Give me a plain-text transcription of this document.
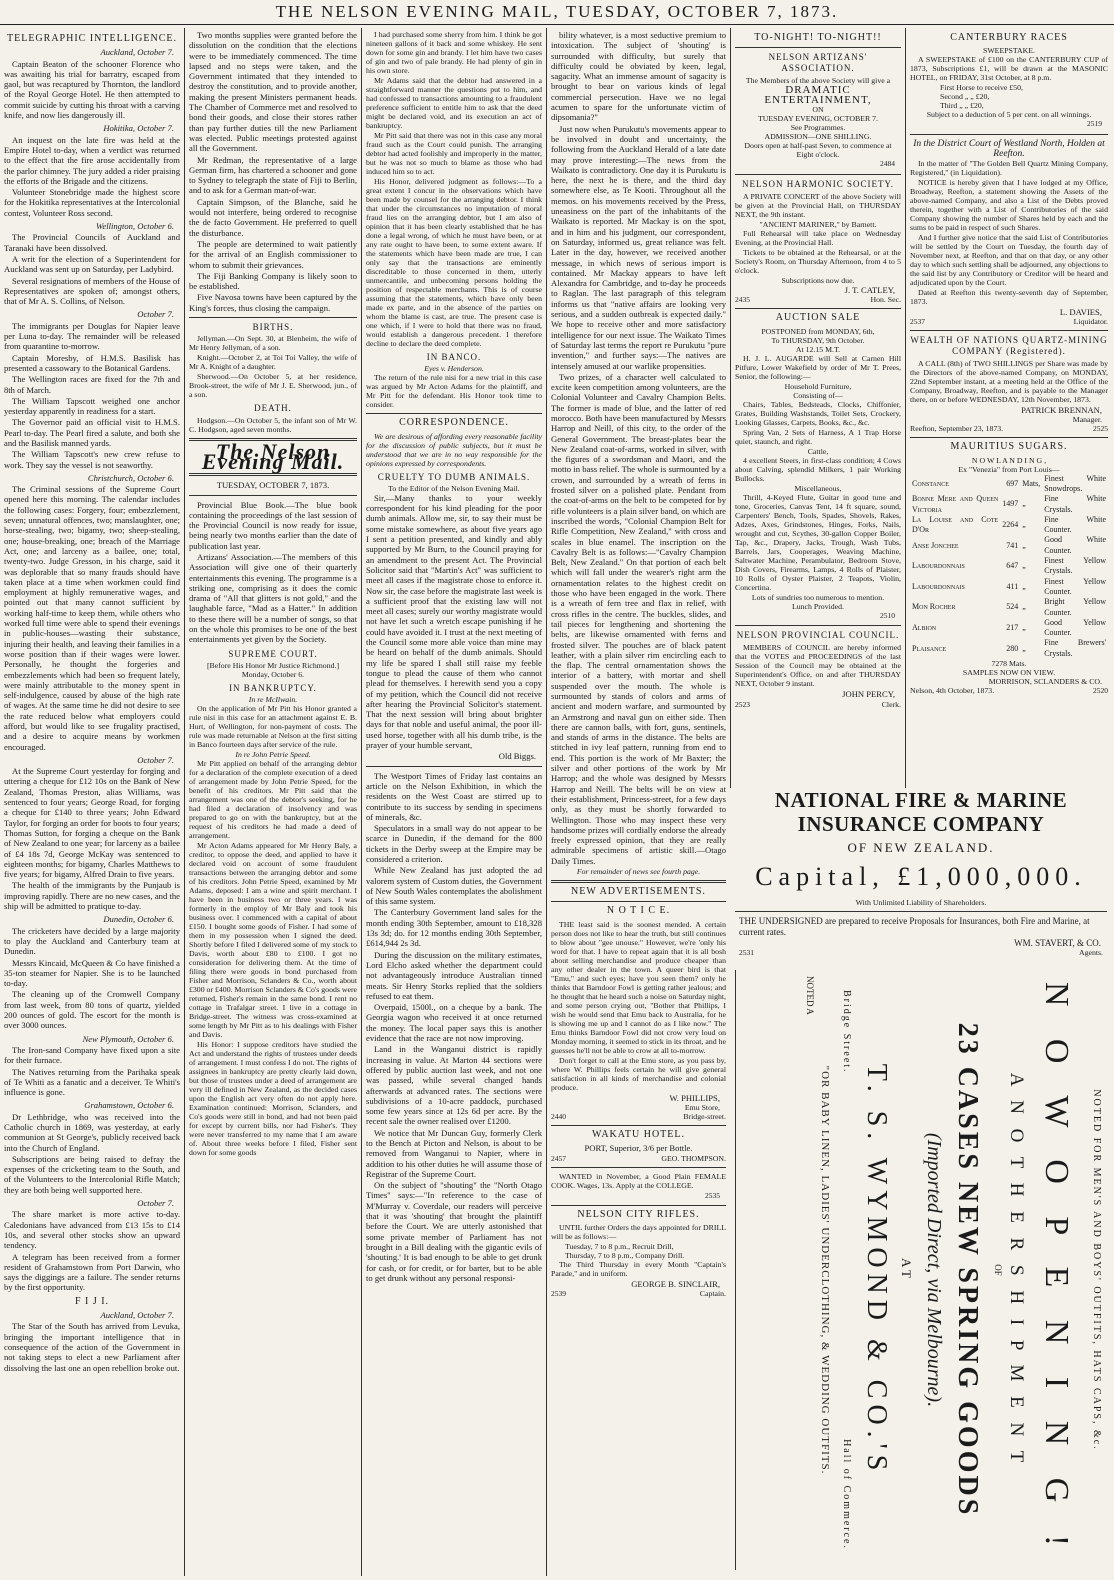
THE NELSON EVENING MAIL, TUESDAY, OCTOBER 7, 1873.
TELEGRAPHIC INTELLIGENCE.
Auckland, October 7.

Captain Beaton of the schooner Florence who was awaiting his trial for barratry, escaped from gaol, but was recaptured by Thornton, the landlord of the Royal George Hotel. He then attempted to commit suicide by cutting his throat with a carving knife, and now lies dangerously ill.

Hokitika, October 7.

An inquest on the late fire was held at the Empire Hotel to-day, when a verdict was returned to the effect that the fire arose accidentally from the parlor chimney. The jury added a rider praising the efforts of the Brigade and the citizens.

Volunteer Stonebridge made the highest score for the Hokitika representatives at the Intercolonial contest, Volunteer Ross second.

Wellington, October 6.

The Provincial Councils of Auckland and Taranaki have been dissolved.

A writ for the election of a Superintendent for Auckland was sent up on Saturday, per Ladybird.

Several resignations of members of the House of Representatives are spoken of; amongst others, that of Mr A. S. Collins, of Nelson.

October 7.

The immigrants per Douglas for Napier leave per Luna to-day. The remainder will be released from quarantine to-morrow.

Captain Moresby, of H.M.S. Basilisk has presented a cassowary to the Botanical Gardens.

The Wellington races are fixed for the 7th and 8th of March.

The William Tapscott weighed one anchor yesterday apparently in readiness for a start.

The Governor paid an official visit to H.M.S. Pearl to-day. The Pearl fired a salute, and both she and the Basilisk manned yards.

The William Tapscott's new crew refuse to work. They say the vessel is not seaworthy.

Christchurch, October 6.

The Criminal sessions of the Supreme Court opened here this morning. The calendar includes the following cases: Forgery, four; embezzlement, seven; unnatural offences, two; manslaughter, one; horse-stealing, two; bigamy, two; sheep-stealing, one; house-breaking, one; breach of the Marriage Act, one; and larceny as a bailee, one; total, twenty-two. Judge Gresson, in his charge, said it was deplorable that so many frauds should have taken place at a time when workmen could find employment at highly remunerative wages, and pointed out that many cannot sufficient by working half-time to keep them, while others who worked full time were able to spend their evenings in public-houses—wasting their substance, injuring their health, and leaving their families in a worse position than if their wages were lower. Personally, he thought the forgeries and embezzlements which had been so frequent lately, were mainly attributable to the money spent in self-indulgence, caused by abuse of the high rate of wages. At the same time he did not desire to see the rate reduced below what employers could afford, but would like to see frugality practised, and a desire to acquire means by workmen encouraged.

October 7.

At the Supreme Court yesterday for forging and uttering a cheque for £12 10s on the Bank of New Zealand, Thomas Preston, alias Williams, was sentenced to four years; George Road, for forging a cheque for £140 to three years; John Edward Taylor, for forging an order for boots to four years; Thomas Sutton, for forging a cheque on the Bank of New Zealand to one year; for larceny as a bailee of £4 18s 7d, George McKay was sentenced to eighteen months; for bigamy, Charles Matthews to five years; for bigamy, Alfred Drain to five years.

The health of the immigrants by the Punjaub is improving rapidly. There are no new cases, and the ship will be admitted to pratique to-day.

Dunedin, October 6.

The cricketers have decided by a large majority to play the Auckland and Canterbury team at Dunedin.

Messrs Kincaid, McQueen & Co have finished a 35-ton steamer for Napier. She is to be launched to-day.

The cleaning up of the Cromwell Company from last week, from 80 tons of quartz, yielded 200 ounces of gold. The escort for the month is over 3000 ounces.

New Plymouth, October 6.

The Iron-sand Company have fixed upon a site for their furnace.

The Natives returning from the Parihaka speak of Te Whiti as a fanatic and a deceiver. Te Whiti's influence is gone.

Grahamstown, October 6.

Dr Lethbridge, who was received into the Catholic church in 1869, was yesterday, at early communion at St George's, publicly received back into the Church of England.

Subscriptions are being raised to defray the expenses of the cricketing team to the South, and of the Volunteers to the Intercolonial Rifle Match; they are both being well supported here.

October 7.

The share market is more active to-day. Caledonians have advanced from £13 15s to £14 10s, and several other stocks show an upward tendency.

A telegram has been received from a former resident of Grahamstown from Port Darwin, who says the diggings are a failure. The sender returns by the first opportunity.

F I J I.
Auckland, October 7.

The Star of the South has arrived from Levuka, bringing the important intelligence that in consequence of the action of the Government in not taking steps to elect a new Parliament after dissolving the last one an open rebellion broke out.

Two months supplies were granted before the dissolution on the condition that the elections were to be immediately commenced. The time lapsed and no steps were taken, and the Government intimated that they intended to destroy the constitution, and to provide another, making the present Ministers permanent heads. The Chamber of Commerce met and resolved to bond their goods, and close their stores rather than pay further duties till the new Parliament was elected. Public meetings protested against all the Government.

Mr Redman, the representative of a large German firm, has chartered a schooner and gone to Sydney to telegraph the state of Fiji to Berlin, and to ask for a German man-of-war.

Captain Simpson, of the Blanche, said he would not interfere, being ordered to recognise the de facto Government. He preferred to quell the disturbance.

The people are determined to wait patiently for the arrival of an English commissioner to whom to submit their grievances.

The Fiji Banking Company is likely soon to be established.

Five Navosa towns have been captured by the King's forces, thus closing the campaign.

BIRTHS.

Jellyman.—On Sept. 30, at Blenheim, the wife of Mr Henry Jellyman, of a son.

Knight.—October 2, at Toi Toi Valley, the wife of Mr A. Knight of a daughter.

Sherwood.—On October 5, at her residence, Brook-street, the wife of Mr J. E. Sherwood, jun., of a son.

DEATH.

Hodgson.—On October 5, the infant son of Mr W. C. Hodgson, aged seven months.

The Nelson Evening Mail.
TUESDAY, OCTOBER 7, 1873.

Provincial Blue Book.—The blue book containing the proceedings of the last session of the Provincial Council is now ready for issue, being nearly two months earlier than the date of publication last year.

Artizans' Association.—The members of this Association will give one of their quarterly entertainments this evening. The programme is a striking one, comprising as it does the comic drama of "All that glitters is not gold," and the laughable farce, "Mad as a Hatter." In addition to these there will be a number of songs, so that on the whole this promises to be one of the best entertainments yet given by the Society.

SUPREME COURT.
[Before His Honor Mr Justice Richmond.]
Monday, October 6.
IN BANKRUPTCY.
In re McIlwain.

On the application of Mr Pitt his Honor granted a rule nisi in this case for an attachment against E. B. Hurt, of Wellington, for non-payment of costs. The rule was made returnable at Nelson at the first sitting in Banco fourteen days after service of the rule.

In re John Petrie Speed.

Mr Pitt applied on behalf of the arranging debtor for a declaration of the complete execution of a deed of arrangement made by John Petrie Speed, for the benefit of his creditors. Mr Pitt said that the arrangement was one of the debtor's seeking, for he had filed a declaration of insolvency and was prepared to go on with the bankruptcy, but at the request of his creditors he had made a deed of arrangement.

Mr Acton Adams appeared for Mr Henry Baly, a creditor, to oppose the deed, and applied to have it declared void on account of some fraudulent transactions between the arranging debtor and some of his creditors. John Petrie Speed, examined by Mr Adams, deposed: I am a wine and spirit merchant. I have been in business two or three years. I was formerly in the employ of Mr Baly and took his business over. I commenced with a capital of about £150. I bought some goods of Fisher. I had some of them in my possession when I signed the deed. Shortly before I filed I delivered some of my stock to Davis, worth about £80 to £100. I got no consideration for delivering them. At the time of filing there were goods in bond purchased from Fisher and Morrison, Sclanders & Co., worth about £300 or £400. Morrison Sclanders & Co's goods were returned, Fisher's remain in the same bond. I rent no cottage in Trafalgar street. I live in a cottage in Bridge-street. The witness was cross-examined at some length by Mr Pitt as to his dealings with Fisher and Davis.

His Honor: I suppose creditors have studied the Act and understand the rights of trustees under deeds of arrangement. I must confess I do not. The rights of assignees in bankruptcy are pretty clearly laid down, but those of trustees under a deed of arrangement are very ill defined in New Zealand, as the decided cases upon the English act very often do not apply here. Examination continued: Morrison, Sclanders, and Co's goods were still in bond, and had not been paid for except by current bills, nor had Fisher's. They were never transferred to my name that I am aware of. About three weeks before I filed, Fisher sent down for some goods

I had purchased some sherry from him. I think he got nineteen gallons of it back and some whiskey. He sent down for some gin and brandy. I let him have two cases of gin and two of pale brandy. He had plenty of gin in his own store.

Mr Adams said that the debtor had answered in a straightforward manner the questions put to him, and had confessed to transactions amounting to a fraudulent preference sufficient to entitle him to ask that the deed might be declared void, and its execution an act of bankruptcy.

Mr Pitt said that there was not in this case any moral fraud such as the Court could punish. The arranging debtor had acted foolishly and improperly in the matter, but he was not so much to blame as those who had induced him so to act.

His Honor, delivered judgment as follows:—To a great extent I concur in the observations which have been made by counsel for the arranging debtor. I think that under the circumstances no imputation of moral fraud lies on the arranging debtor, but I am also of opinion that it has been clearly established that he has done a legal wrong, of which he must have been, or at any rate ought to have been, to some extent aware. If the statements which have been made are true, I can only say that the transactions are eminently discreditable to those concerned in them, utterly unmercantile, and unbecoming persons holding the position of respectable merchants. This is of course assuming that the statements, which have only been made ex parte, and in the absence of the parties on whom the blame is cast, are true. The present case is one which, if I were to hold that there was no fraud, would establish a dangerous precedent. I therefore decline to declare the deed complete.

IN BANCO.
Eyes v. Henderson.

The return of the rule nisi for a new trial in this case was argued by Mr Acton Adams for the plaintiff, and Mr Pitt for the defendant. His Honor took time to consider.

CORRESPONDENCE.

We are desirous of affording every reasonable facility for the discussion of public subjects, but it must be understood that we are in no way responsible for the opinions expressed by correspondents.

CRUELTY TO DUMB ANIMALS.
To the Editor of the Nelson Evening Mail.

Sir,—Many thanks to your weekly correspondent for his kind pleading for the poor dumb animals. Allow me, sir, to say their must be some mistake somewhere, as about five years ago I sent a petition presented, and kindly and ably supported by Mr Burn, to the Council praying for an amendment to the present Act. The Provincial Solicitor said that "Martin's Act" was sufficient to meet all cases if the magistrate chose to enforce it. Now sir, the case before the magistrate last week is a sufficient proof that the existing law will not meet all cases; surely our worthy magistrate would not have let such a wretch escape punishing if he could have avoided it. I trust at the next meeting of the Council some more able voice than mine may be heard on behalf of the dumb animals. Should my life be spared I shall still raise my feeble tongue to plead the cause of them who cannot plead for themselves. I herewith send you a copy of my petition, which the Council did not receive after hearing the Provincial Solicitor's statement. That the next session will bring about brighter days for that noble and useful animal, the poor ill-used horse, together with all his dumb tribe, is the prayer of your humble servant,

Old Biggs.

The Westport Times of Friday last contains an article on the Nelson Exhibition, in which the residents on the West Coast are stirred up to contribute to its success by sending in specimens of minerals, &c.

Speculators in a small way do not appear to be scarce in Dunedin, if the demand for the 800 tickets in the Derby sweep at the Empire may be considered a criterion.

While New Zealand has just adopted the ad valorem system of Custom duties, the Government of New South Wales contemplates the abolishment of this same system.

The Canterbury Government land sales for the month ending 30th September, amount to £18,328 13s 3d; do. for 12 months ending 30th September, £614,944 2s 3d.

During the discussion on the military estimates, Lord Elcho asked whether the department could not advantageously introduce Australian tinned meats. Sir Henry Storks replied that the soldiers refused to eat them.

Overpaid, 1500l., on a cheque by a bank. The Georgia wagon who received it at once returned the money. The local paper says this is another evidence that the race are not now improving.

Land in the Wanganui district is rapidly increasing in value. At Marton 44 sections were offered by public auction last week, and not one was passed, while several changed hands afterwards at advanced rates. The sections were subdivisions of a 10-acre paddock, purchased some few years since at 12s 6d per acre. By the recent sale the owner realised over £1200.

We notice that Mr Duncan Guy, formerly Clerk to the Bench at Picton and Nelson, is about to be removed from Wanganui to Napier, where in addition to his other duties he will assume those of Registrar of the Supreme Court.

On the subject of "shouting" the "North Otago Times" says:—"In reference to the case of M'Murray v. Coverdale, our readers will perceive that it was 'shouting' that brought the plaintiff before the Court. We are utterly astonished that some private member of Parliament has not brought in a Bill dealing with the gigantic evils of 'shouting.' It is bad enough to be able to get drunk for cash, or for credit, or for barter, but to be able to get drunk without any personal responsi-

bility whatever, is a most seductive premium to intoxication. The subject of 'shouting' is surrounded with difficulty, but surely that difficulty could be obviated by keen, legal, sagacity. What an immense amount of sagacity is brought to bear on various kinds of legal commercial persecution. Have we no legal acumen to spare for the unfortunate victim of dipsomania?"

Just now when Purukutu's movements appear to be involved in doubt and uncertainty, the following from the Auckland Herald of a late date may prove interesting:—The news from the Waikato is contradictory. One day it is Purukutu is here, the next he is there, and the third day somewhere else, as Te Kooti. Throughout all the memos. on his movements received by the Press, uneasiness on the part of the inhabitants of the Waikato is reported. Mr Mackay is on the spot, and in him and his judgment, our correspondent, on Saturday, informed us, great reliance was felt. Later in the day, however, we received another message, in which news of serious import is contained. Mr Mackay appears to have left Alexandra for Cambridge, and to-day he proceeds to Raglan. The last paragraph of this telegram informs us that "native affairs are looking very serious, and a sudden outbreak is expected daily." We hope to receive other and more satisfactory intelligence for our next issue. The Waikato Times of Saturday last terms the report re Purukutu "pure invention," and further says:—The natives are intensely amused at our warlike propensities.

Two prizes, of a character well calculated to excite keen competition among volunteers, are the Colonial Volunteer and Cavalry Champion Belts. The former is made of blue, and the latter of red morocco. Both have been manufactured by Messrs Harrop and Neill, of this city, to the order of the General Government. The breast-plates bear the New Zealand coat-of-arms, worked in silver, with the figures of a swordsman and Maori, and the motto in bass relief. The whole is surmounted by a crown, and surrounded by a wreath of ferns in frosted silver on a polished plate. Pendant from the coat-of-arms on the belt to be competed for by rifle volunteers is a plain silver band, on which are inscribed the words, "Colonial Champion Belt for Rifle Competition, New Zealand," with cross and scales in blue enamel. The inscription on the Cavalry Belt is as follows:—"Cavalry Champion Belt, New Zealand." On that portion of each belt which will fall under the wearer's right arm the ornamentation relates to the highest credit on those who have been engaged in the work. There is a wreath of fern tree and flax in relief, with cross rifles in the centre. The buckles, slides, and tail pieces for lengthening and shortening the belts, are likewise ornamented with ferns and frosted silver. The pouches are of black patent leather, with a plain silver rim encircling each to the flap. The central ornamentation shows the interior of a battery, with mortar and shell suspended over the mouth. The whole is surmounted by stands of colors and arms of ancient and modern warfare, and surmounted by an Armstrong and naval gun on either side. Then there are cannon balls, with fort, guns, sentinels, and stands of arms in the distance. The belts are stitched in ivy leaf pattern, running from end to end. This portion is the work of Mr Baxter; the silver and other portions of the work by Mr Harrop; and the whole was designed by Messrs Harrop and Neill. The belts will be on view at their establishment, Princess-street, for a few days only, as they must be shortly forwarded to Wellington. Those who may inspect these very handsome prizes will cordially endorse the already freely expressed opinion, that they are really admirable specimens of artistic skill.—Otago Daily Times.

For remainder of news see fourth page.
NEW ADVERTISEMENTS.
N O T I C E.

THE least said is the soonest mended. A certain person does not like to hear the truth, but still continues to blow about "gee unouse." However, we're 'only his word for that. I have to repeat again that it is all bosh about selling merchandise and produce cheaper than any other dealer in the town. A queer bird is that "Emu," and such eyes; have you seen them? only he thinks that Barndoor Fowl is getting rather jealous; and he thought that he heard such a noise on Saturday night, and some person crying out, "Bother that Phillips, I wish he would send that Emu back to Australia, for he is showing me up and I cannot do as I like now." The Emu thinks Barndoor Fowl did not crow very loud on Monday morning, it seemed to stick in its throat, and he guesses he'll not be able to crow at all to-morrow.

Don't forget to call at the Emu store, as you pass by, where W. Phillips feels certain he will give general satisfaction in all kinds of merchandise and colonial produce.

W. PHILLIPS,
Emu Store,
2440	Bridge-street.
WAKATU HOTEL.
PORT, Superior, 3/6 per Bottle.
2457	GEO. THOMPSON.

WANTED in November, a Good Plain FEMALE COOK. Wages, 13s. Apply at the COLLEGE.

2535
NELSON CITY RIFLES.

UNTIL further Orders the days appointed for DRILL will be as follows:—

Tuesday, 7 to 8 p.m., Recruit Drill,
Thursday, 7 to 8 p.m., Company Drill.

The Third Thursday in every Month "Captain's Parade," and in uniform.

GEORGE B. SINCLAIR,
2539	Captain.
TO-NIGHT! TO-NIGHT!!
NELSON ARTIZANS' ASSOCIATION.
The Members of the above Society will give a
DRAMATIC ENTERTAINMENT,
ON
TUESDAY EVENING, OCTOBER 7.
See Programmes.
ADMISSION—ONE SHILLING.
Doors open at half-past Seven, to commence at Eight o'clock.
2484
NELSON HARMONIC SOCIETY.

A PRIVATE CONCERT of the above Society will be given at the Provincial Hall, on THURSDAY NEXT, the 9th instant.

"ANCIENT MARINER," by Barnett.

Full Rehearsal will take place on Wednesday Evening, at the Provincial Hall.

Tickets to be obtained at the Rehearsal, or at the Society's Room, on Thursday Afternoon, from 4 to 5 o'clock.

Subscriptions now due.
J. T. CATLEY,
2435	Hon. Sec.
AUCTION SALE
POSTPONED from MONDAY, 6th,
To THURSDAY, 9th October.
At 12.15 M.T.

H. J. L. AUGARDE will Sell at Carnen Hill Pitfure, Lower Wakefield by order of Mr T. Prees, Senior, the following:—

Household Furniture,
Consisting of—

Chairs, Tables, Bedsteads, Clocks, Chiffonier, Grates, Building Washstands, Toilet Sets, Crockery, Looking Glasses, Carpets, Books, &c., &c.

Spring Van, 2 Sets of Harness, A 1 Trap Horse quiet, staunch, and right.

Cattle,

4 excellent Steers, in first-class condition; 4 Cows about Calving, splendid Milkers, 1 pair Working Bullocks.

Miscellaneous,

Thrill, 4-Keyed Flute, Guitar in good tune and tone, Groceries, Canvas Tent, 14 ft square, sound, Carpenters' Bench, Tools, Spades, Shovels, Rakes, Adzes, Axes, Grindstones, Hinges, Forks, Nails, wrought and cut, Scythes, 30-gallon Copper Boiler, Tap, &c., Drapery, Jacks, Trough, Wash Tubs, Barrels, Jars, Cooperages, Weaving Machine, Saltwater Machine, Perambulator, Bedroom Stove, Dish Covers, Firearms, Lamps, 4 Rolls of Plaister, 10 Rolls of Oyster Plaister, 2 Teapots, Violin, Concertina.

Lots of sundries too numerous to mention.
Lunch Provided.
2510
NELSON PROVINCIAL COUNCIL.

MEMBERS of COUNCIL are hereby informed that the VOTES and PROCEEDINGS of the last Session of the Council may be obtained at the Superintendent's Office, on and after THURSDAY NEXT, October 9 instant.

JOHN PERCY,
2523	Clerk.
CANTERBURY RACES
SWEEPSTAKE.

A SWEEPSTAKE of £100 on the CANTERBURY CUP of 1873, Subscriptions £1, will be drawn at the MASONIC HOTEL, on FRIDAY, 31st October, at 8 p.m.

First Horse to receive £50,
Second „ „ £20,
Third „ „ £20,
Subject to a deduction of 5 per cent. on all winnings.
2519
In the District Court of Westland North, Holden at Reefton.

In the matter of "The Golden Bell Quartz Mining Company, Registered," (in Liquidation).

NOTICE is hereby given that I have lodged at my Office, Broadway, Reefton, a statement showing the Assets of the above-named Company, and also a List of the Debts proved therein, together with a List of Contributories of the said Company showing the number of Shares held by each and the sums to be paid in respect of such Shares.

And I further give notice that the said List of Contributories will be settled by the Court on Tuesday, the fourth day of November next, at Reefton, and that on that day, or any other day to which such settling shall be adjourned, any objections to the said list by any Contributory or Creditor will be heard and adjudicated upon by the Court.

Dated at Reefton this twenty-seventh day of September, 1873.

L. DAVIES,
2537	Liquidator.
WEALTH OF NATIONS QUARTZ-MINING COMPANY (Registered).

A CALL (8th) of TWO SHILLINGS per Share was made by the Directors of the above-named Company, on MONDAY, 22nd September instant, at a meeting held at the Office of the Company, Broadway, Reefton, and is payable to the Manager there, on or before WEDNESDAY, 12th November, 1873.

PATRICK BRENNAN,
Manager.
Reefton, September 23, 1873.	2525
MAURITIUS SUGARS.
N O W L A N D I N G ,
Ex "Venezia" from Port Louis—
Constance	697	Mats,	Finest White Snowdrops.
Bonne Mere and Queen Victoria	1497	„	Fine White Crystals.
La Louise and Cote D'Or	2264	„	Fine White Counter.
Anse Jonchee	741	„	Good White Counter.
Labourdonnais	647	„	Finest Yellow Crystals.
Labourdonnais	411	„	Finest Yellow Counter.
Mon Rocher	524	„	Bright Yellow Counter.
Albion	217	„	Good Yellow Counter.
Plaisance	280	„	Fine Brewers' Crystals.
7278 Mats.
SAMPLES NOW ON VIEW.
MORRISON, SCLANDERS & CO.
Nelson, 4th October, 1873.	2520
NATIONAL FIRE & MARINE INSURANCE COMPANY
OF NEW ZEALAND.
Capital, £1,000,000.
With Unlimited Liability of Shareholders.
THE UNDERSIGNED are prepared to receive Proposals for Insurances, both Fire and Marine, at current rates.
WM. STAVERT, & CO.
2531	Agents.
NOTED FOR MEN'S AND BOYS' OUTFITS, HATS CAPS, &c.
N O W O P E N I N G !
A N O T H E R S H I P M E N T
OF
23 CASES NEW SPRING GOODS
(Imported Direct, via Melbourne).
AT
T. S. WYMOND & CO.'S
Bridge Street.
Hall of Commerce.
"OR BABY LINEN, LADIES' UNDERCLOTHING, & WEDDING OUTFITS.
NOTED A
